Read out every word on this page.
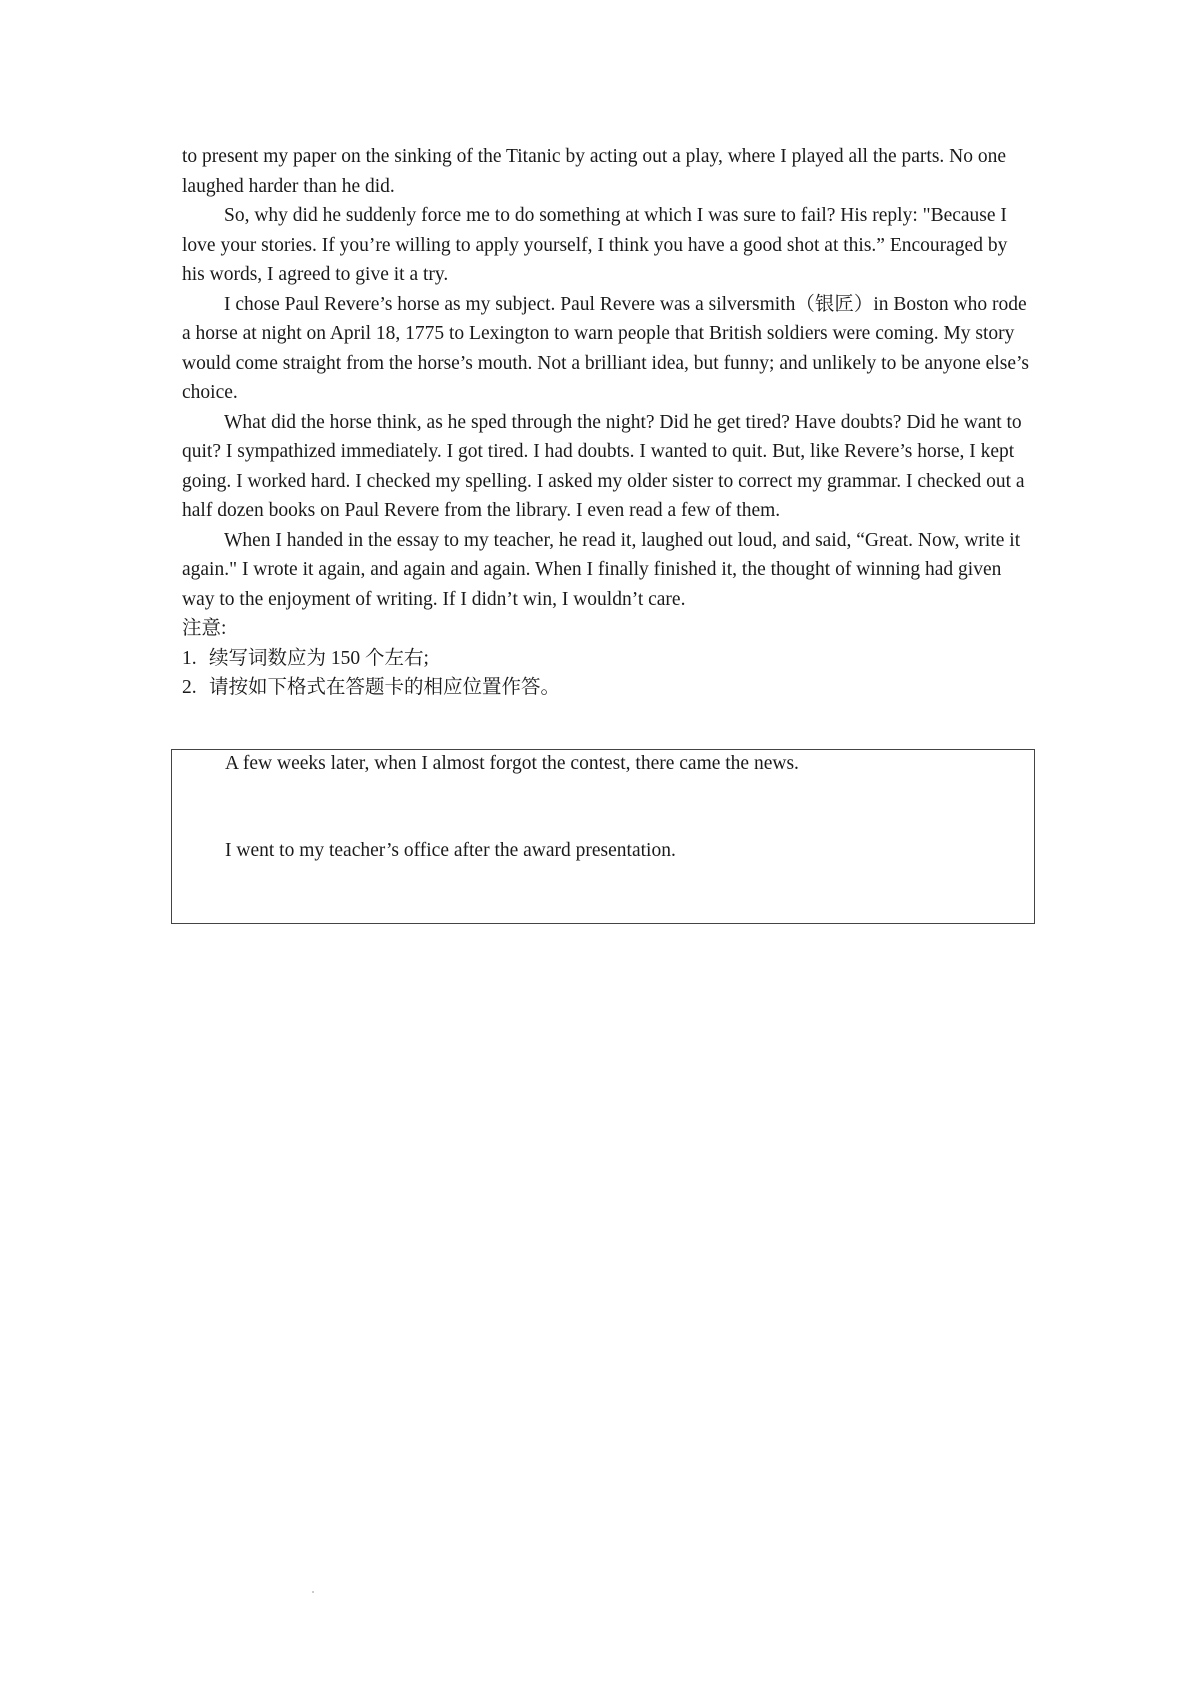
to present my paper on the sinking of the Titanic by acting out a play, where I played all the parts. No one laughed harder than he did.

So, why did he suddenly force me to do something at which I was sure to fail? His reply: "Because I love your stories. If you’re willing to apply yourself, I think you have a good shot at this.” Encouraged by his words, I agreed to give it a try.

I chose Paul Revere’s horse as my subject. Paul Revere was a silversmith（银匠）in Boston who rode a horse at night on April 18, 1775 to Lexington to warn people that British soldiers were coming. My story would come straight from the horse’s mouth. Not a brilliant idea, but funny; and unlikely to be anyone else’s choice.

What did the horse think, as he sped through the night? Did he get tired? Have doubts? Did he want to quit? I sympathized immediately. I got tired. I had doubts. I wanted to quit. But, like Revere’s horse, I kept going. I worked hard. I checked my spelling. I asked my older sister to correct my grammar. I checked out a half dozen books on Paul Revere from the library. I even read a few of them.

When I handed in the essay to my teacher, he read it, laughed out loud, and said, “Great. Now, write it again." I wrote it again, and again and again. When I finally finished it, the thought of winning had given way to the enjoyment of writing. If I didn’t win, I wouldn’t care.

注意:

1. 续写词数应为 150 个左右;

2. 请按如下格式在答题卡的相应位置作答。

A few weeks later, when I almost forgot the contest, there came the news.

I went to my teacher’s office after the award presentation.
